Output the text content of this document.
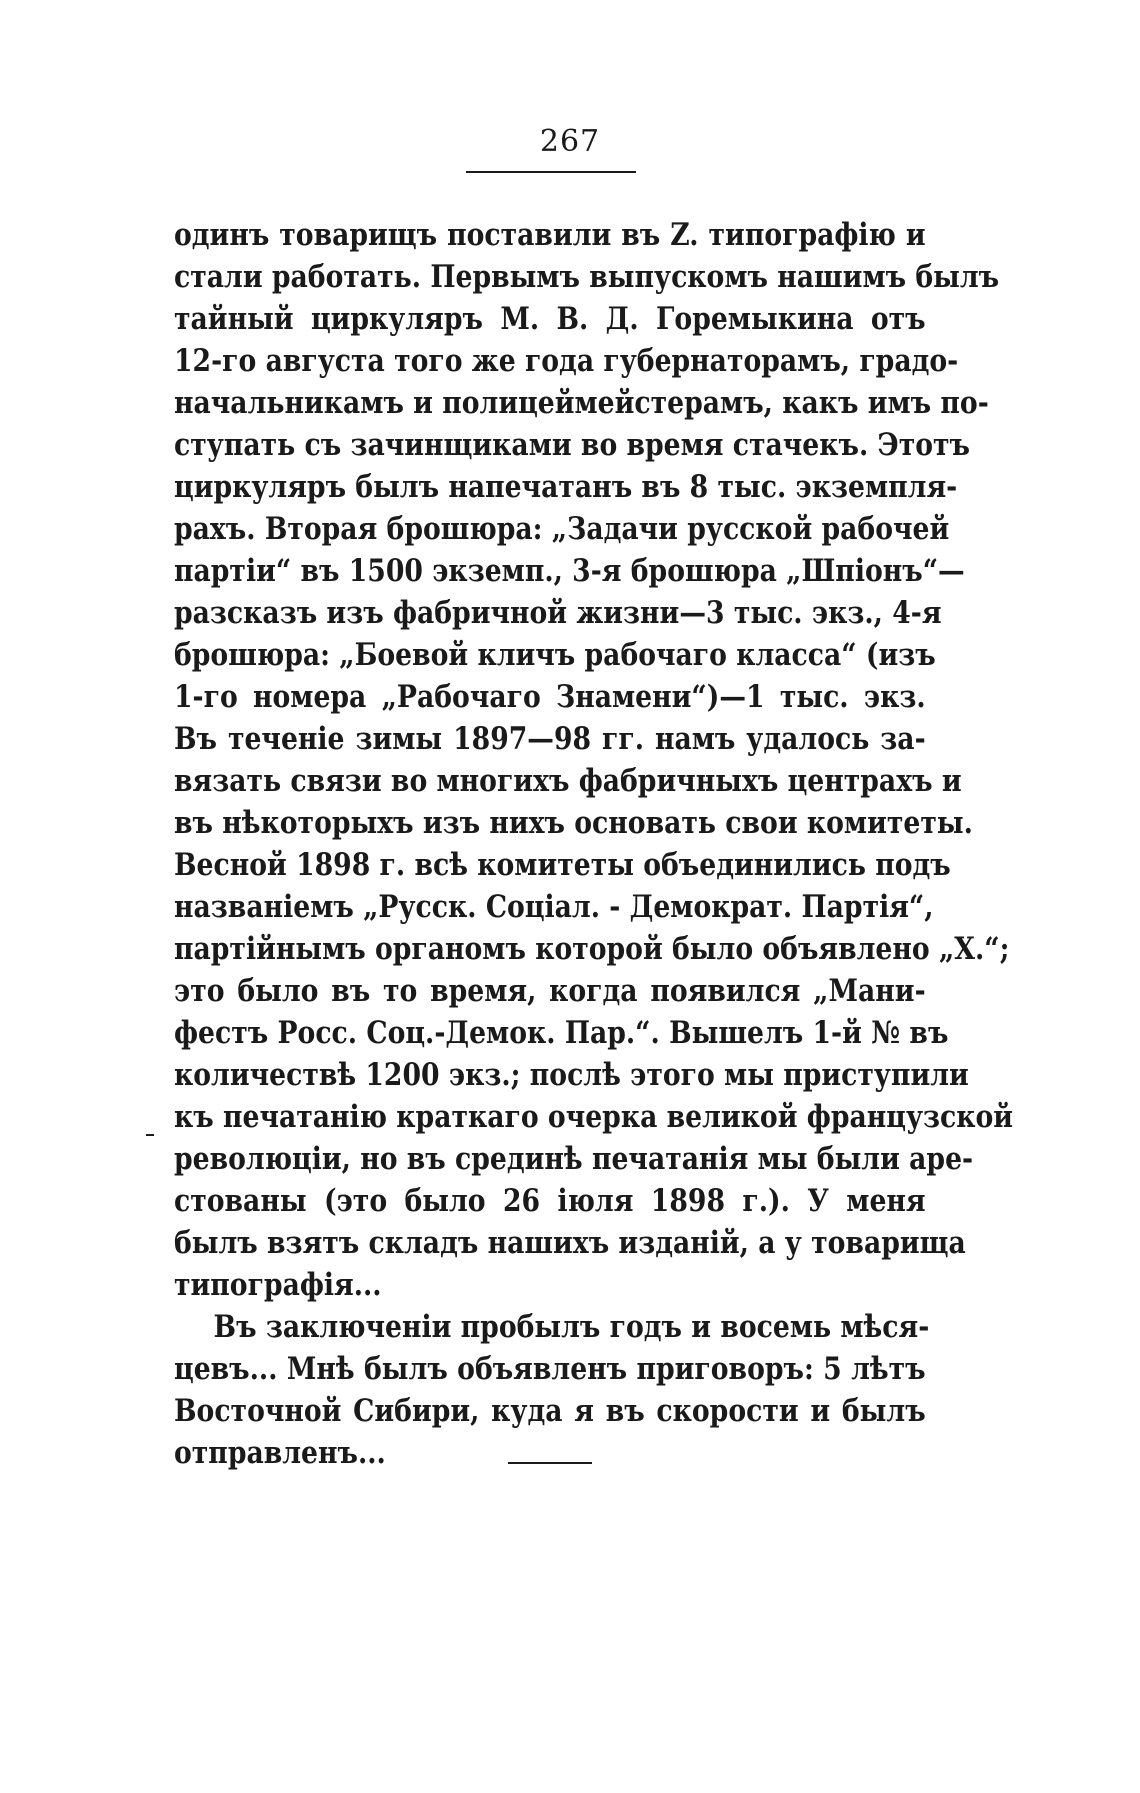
267
одинъ товарищъ поставили въ Z. типографію и
стали работать. Первымъ выпускомъ нашимъ былъ
тайный циркуляръ М. В. Д. Горемыкина отъ
12-го августа того же года губернаторамъ, градо-
начальникамъ и полицеймейстерамъ, какъ имъ по-
ступать съ зачинщиками во время стачекъ. Этотъ
циркуляръ былъ напечатанъ въ 8 тыс. экземпля-
рахъ. Вторая брошюра: „Задачи русской рабочей
партіи“ въ 1500 экземп., 3-я брошюра „Шпіонъ“—
разсказъ изъ фабричной жизни—3 тыс. экз., 4-я
брошюра: „Боевой кличъ рабочаго класса“ (изъ
1-го номера „Рабочаго Знамени“)—1 тыс. экз.
Въ теченіе зимы 1897—98 гг. намъ удалось за-
вязать связи во многихъ фабричныхъ центрахъ и
въ нѣкоторыхъ изъ нихъ основать свои комитеты.
Весной 1898 г. всѣ комитеты объединились подъ
названіемъ „Русск. Соціал. - Демократ. Партія“,
партійнымъ органомъ которой было объявлено „Х.“;
это было въ то время, когда появился „Мани-
фестъ Росс. Соц.-Демок. Пар.“. Вышелъ 1-й № въ
количествѣ 1200 экз.; послѣ этого мы приступили
къ печатанію краткаго очерка великой французской
революціи, но въ срединѣ печатанія мы были аре-
стованы (это было 26 іюля 1898 г.). У меня
былъ взятъ складъ нашихъ изданій, а у товарища
типографія...
Въ заключеніи пробылъ годъ и восемь мѣся-
цевъ... Мнѣ былъ объявленъ приговоръ: 5 лѣтъ
Восточной Сибири, куда я въ скорости и былъ
отправленъ...
